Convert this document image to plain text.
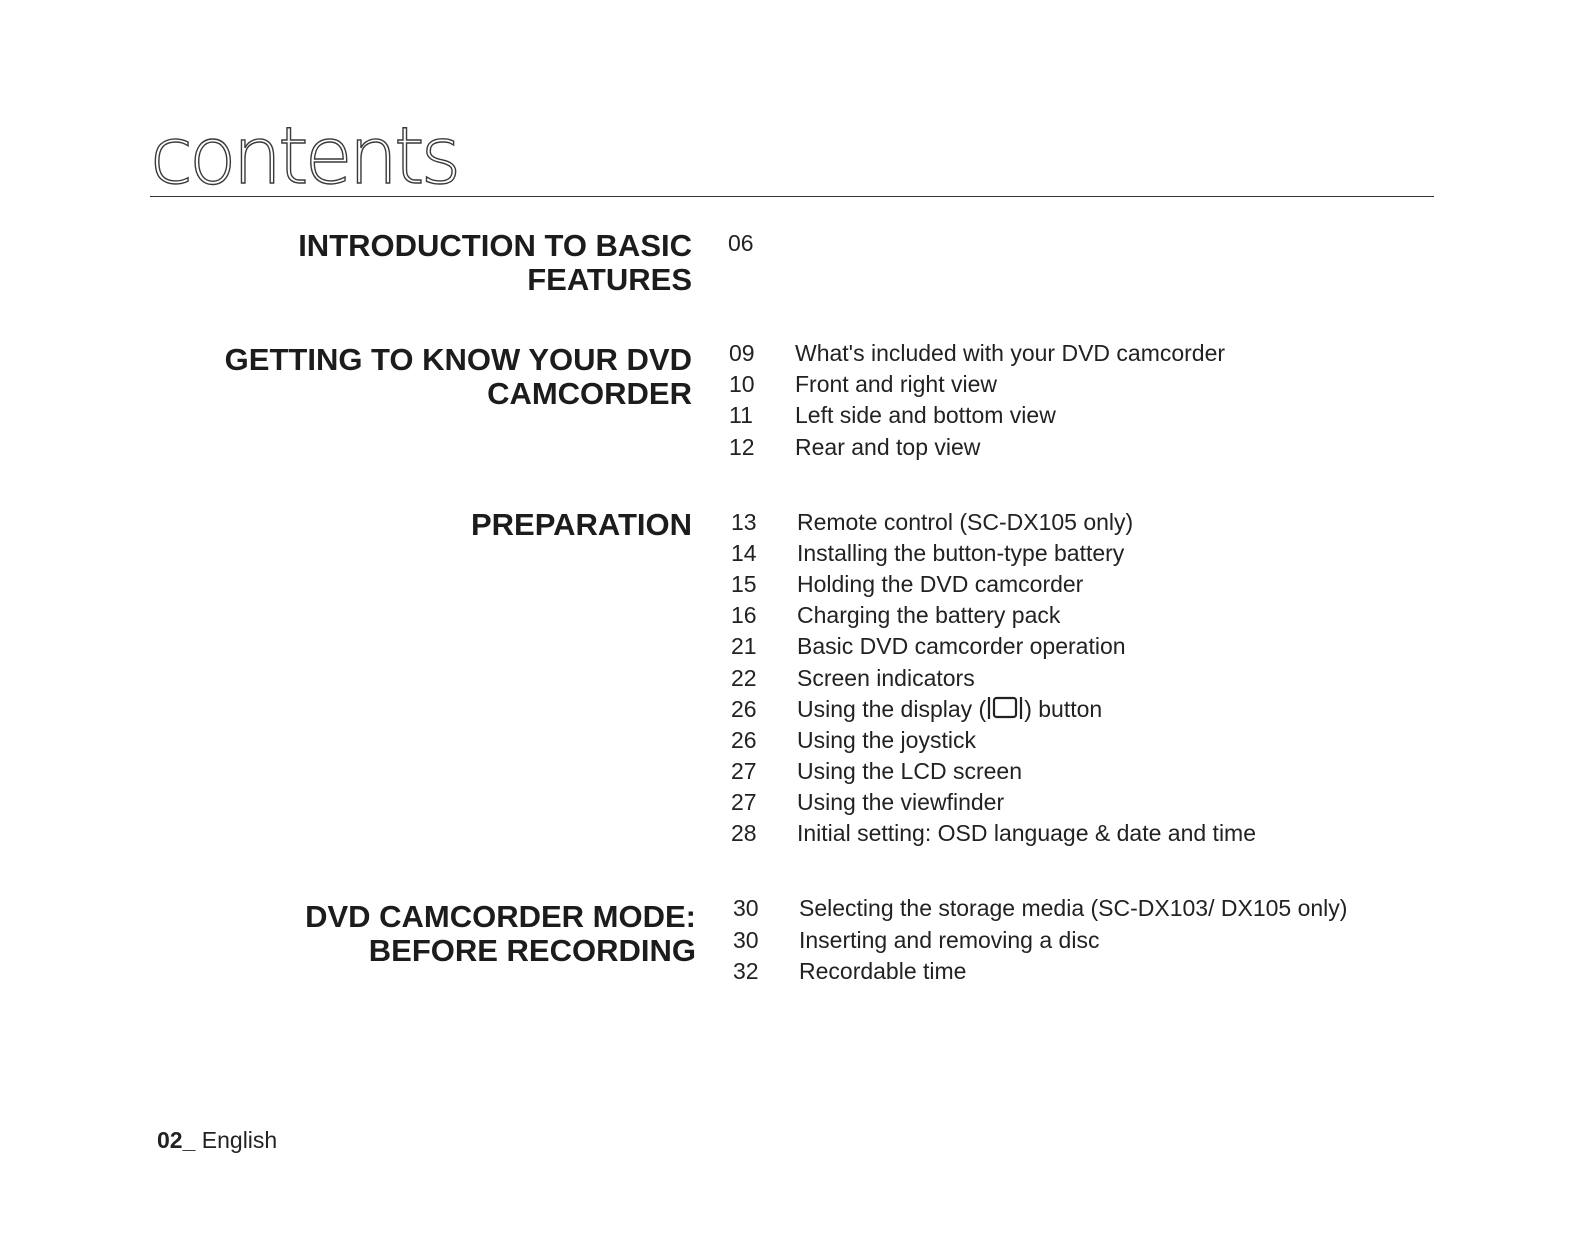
contents
INTRODUCTION TO BASIC
FEATURES
06
GETTING TO KNOW YOUR DVD
CAMCORDER
09 What's included with your DVD camcorder
10 Front and right view
11 Left side and bottom view
12 Rear and top view
PREPARATION 13 Remote control (SC-DX105 only)
14 Installing the button-type battery
15 Holding the DVD camcorder
16 Charging the battery pack
21 Basic DVD camcorder operation
22 Screen indicators
26 Using the display ( ) button
26 Using the joystick
27 Using the LCD screen
27 Using the viewfinder
28 Initial setting: OSD language & date and time
DVD CAMCORDER MODE:
BEFORE RECORDING
30 Selecting the storage media (SC-DX103/ DX105 only)
30 Inserting and removing a disc
32 Recordable time
02_ English
